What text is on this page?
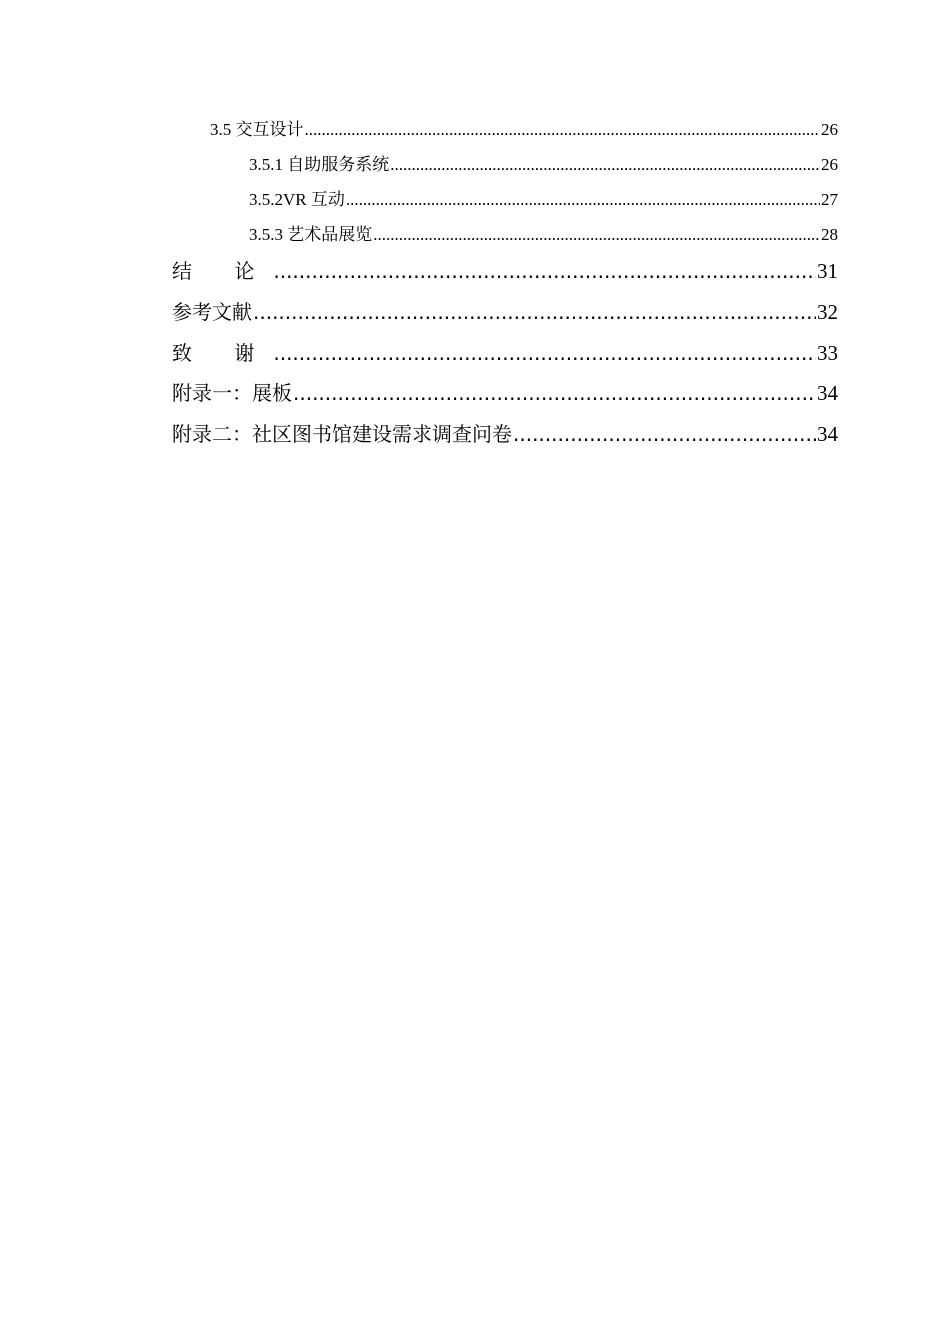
3.5 交互设计 .....	26
3.5.1 自助服务系统 .....	26
3.5.2VR 互动 .....	27
3.5.3 艺术品展览 .....	28
结 论 .....	31
参考文献 .....	32
致 谢 .....	33
附录一：展板 .....	34
附录二：社区图书馆建设需求调查问卷 .....	34
